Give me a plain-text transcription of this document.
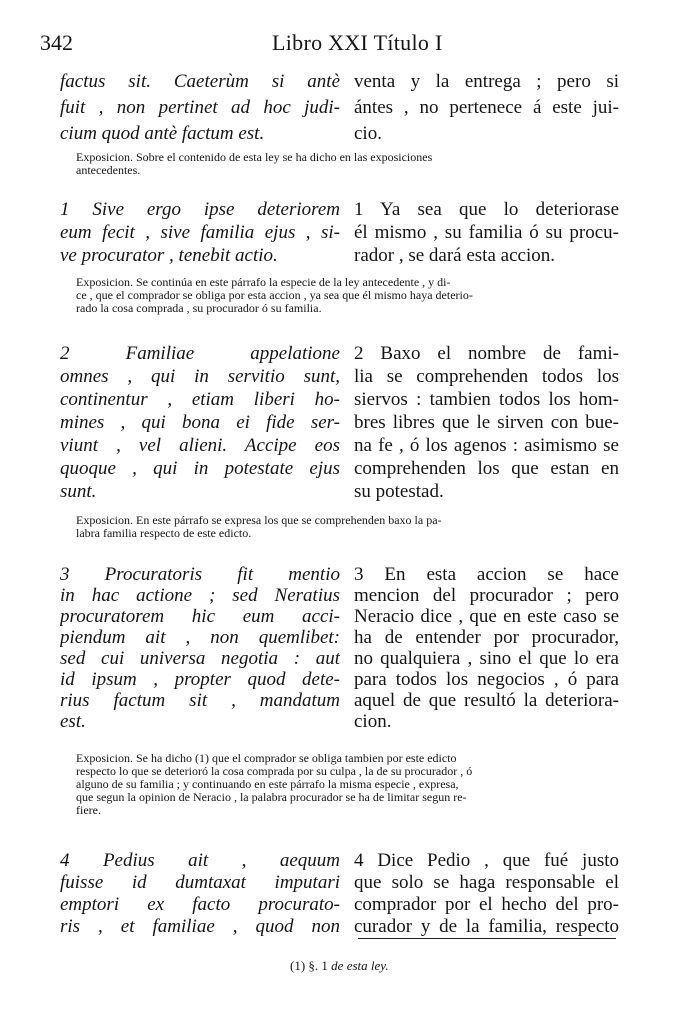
342	Libro XXI Título I
factus sit. Caeterùm si antè
fuit , non pertinet ad hoc judi-
cium quod antè factum est.
venta y la entrega ; pero si
ántes , no pertenece á este jui-
cio.
Exposicion. Sobre el contenido de esta ley se ha dicho en las exposiciones
antecedentes.
1 Sive ergo ipse deteriorem
eum fecit , sive familia ejus , si-
ve procurator , tenebit actio.
1 Ya sea que lo deteriorase
él mismo , su familia ó su procu-
rador , se dará esta accion.
Exposicion. Se continúa en este párrafo la especie de la ley antecedente , y di-
ce , que el comprador se obliga por esta accion , ya sea que él mismo haya deterio-
rado la cosa comprada , su procurador ó su familia.
2 Familiae appelatione
omnes , qui in servitio sunt,
continentur , etiam liberi ho-
mines , qui bona ei fide ser-
viunt , vel alieni. Accipe eos
quoque , qui in potestate ejus
sunt.
2 Baxo el nombre de fami-
lia se comprehenden todos los
siervos : tambien todos los hom-
bres libres que le sirven con bue-
na fe , ó los agenos : asimismo se
comprehenden los que estan en
su potestad.
Exposicion. En este párrafo se expresa los que se comprehenden baxo la pa-
labra familia respecto de este edicto.
3 Procuratoris fit mentio
in hac actione ; sed Neratius
procuratorem hic eum acci-
piendum ait , non quemlibet:
sed cui universa negotia : aut
id ipsum , propter quod dete-
rius factum sit , mandatum
est.
3 En esta accion se hace
mencion del procurador ; pero
Neracio dice , que en este caso se
ha de entender por procurador,
no qualquiera , sino el que lo era
para todos los negocios , ó para
aquel de que resultó la deteriora-
cion.
Exposicion. Se ha dicho (1) que el comprador se obliga tambien por este edicto
respecto lo que se deterioró la cosa comprada por su culpa , la de su procurador , ó
alguno de su familia ; y continuando en este párrafo la misma especie , expresa,
que segun la opinion de Neracio , la palabra procurador se ha de limitar segun re-
fiere.
4 Pedius ait , aequum
fuisse id dumtaxat imputari
emptori ex facto procurato-
ris , et familiae , quod non
4 Dice Pedio , que fué justo
que solo se haga responsable el
comprador por el hecho del pro-
curador y de la familia, respecto
(1) §. 1 de esta ley.
